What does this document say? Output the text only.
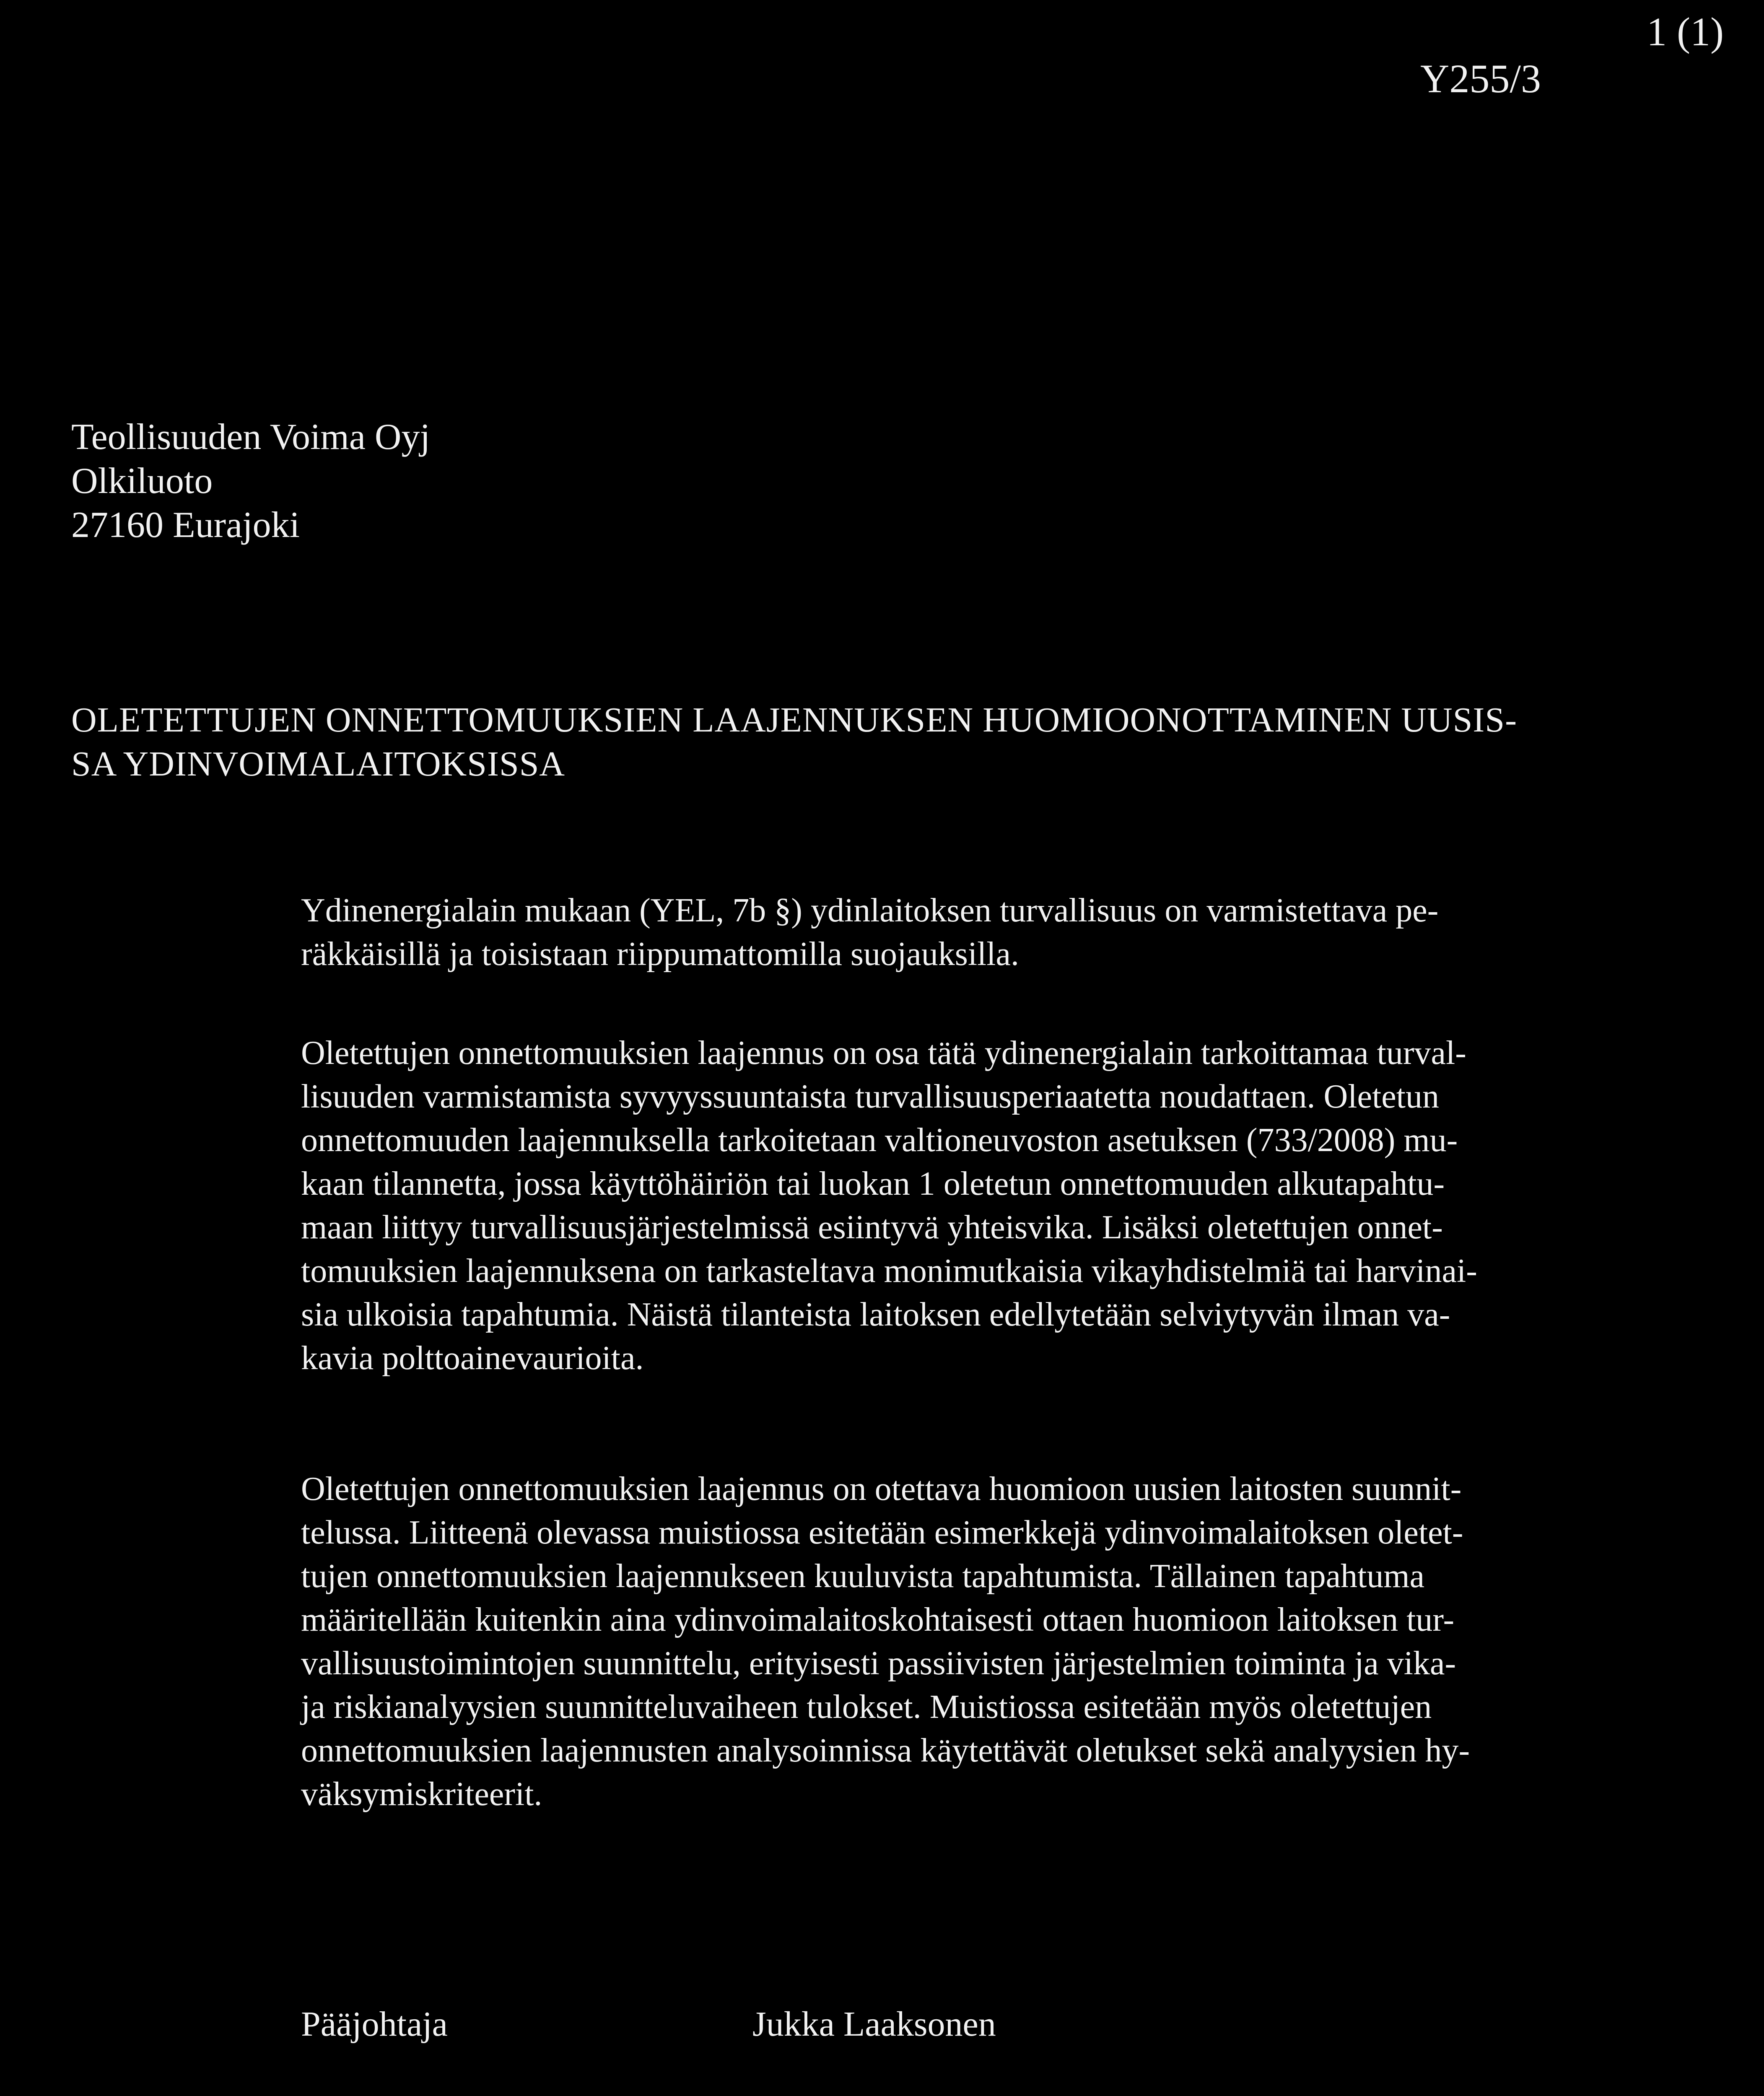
1 (1)
Y255/3
Teollisuuden Voima Oyj
Olkiluoto
27160 Eurajoki
OLETETTUJEN ONNETTOMUUKSIEN LAAJENNUKSEN HUOMIOONOTTAMINEN UUSIS-
SA YDINVOIMALAITOKSISSA
Ydinenergialain mukaan (YEL, 7b §) ydinlaitoksen turvallisuus on varmistettava pe-
räkkäisillä ja toisistaan riippumattomilla suojauksilla.
Oletettujen onnettomuuksien laajennus on osa tätä ydinenergialain tarkoittamaa turval-
lisuuden varmistamista syvyyssuuntaista turvallisuusperiaatetta noudattaen. Oletetun
onnettomuuden laajennuksella tarkoitetaan valtioneuvoston asetuksen (733/2008) mu-
kaan tilannetta, jossa käyttöhäiriön tai luokan 1 oletetun onnettomuuden alkutapahtu-
maan liittyy turvallisuusjärjestelmissä esiintyvä yhteisvika. Lisäksi oletettujen onnet-
tomuuksien laajennuksena on tarkasteltava monimutkaisia vikayhdistelmiä tai harvinai-
sia ulkoisia tapahtumia. Näistä tilanteista laitoksen edellytetään selviytyvän ilman va-
kavia polttoainevaurioita.
Oletettujen onnettomuuksien laajennus on otettava huomioon uusien laitosten suunnit-
telussa. Liitteenä olevassa muistiossa esitetään esimerkkejä ydinvoimalaitoksen oletet-
tujen onnettomuuksien laajennukseen kuuluvista tapahtumista. Tällainen tapahtuma
määritellään kuitenkin aina ydinvoimalaitoskohtaisesti ottaen huomioon laitoksen tur-
vallisuustoimintojen suunnittelu, erityisesti passiivisten järjestelmien toiminta ja vika-
ja riskianalyysien suunnitteluvaiheen tulokset. Muistiossa esitetään myös oletettujen
onnettomuuksien laajennusten analysoinnissa käytettävät oletukset sekä analyysien hy-
väksymiskriteerit.
Pääjohtaja	Jukka Laaksonen
